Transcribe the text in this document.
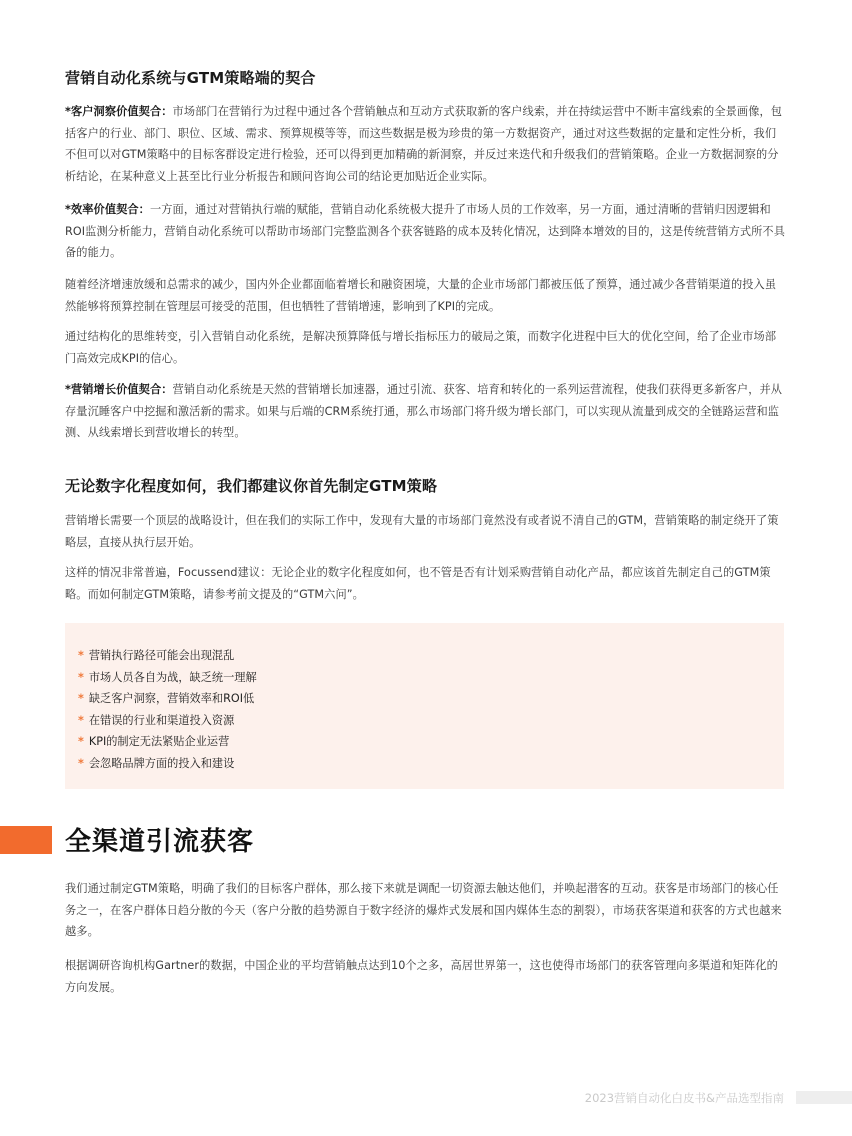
营销自动化系统与GTM策略端的契合

*客户洞察价值契合：市场部门在营销行为过程中通过各个营销触点和互动方式获取新的客户线索，并在持续运营中不断丰富线索的全景画像，包括客户的行业、部门、职位、区域、需求、预算规模等等，而这些数据是极为珍贵的第一方数据资产，通过对这些数据的定量和定性分析，我们不但可以对GTM策略中的目标客群设定进行检验，还可以得到更加精确的新洞察，并反过来迭代和升级我们的营销策略。企业一方数据洞察的分析结论，在某种意义上甚至比行业分析报告和顾问咨询公司的结论更加贴近企业实际。

*效率价值契合：一方面，通过对营销执行端的赋能，营销自动化系统极大提升了市场人员的工作效率，另一方面，通过清晰的营销归因逻辑和ROI监测分析能力，营销自动化系统可以帮助市场部门完整监测各个获客链路的成本及转化情况，达到降本增效的目的，这是传统营销方式所不具备的能力。

随着经济增速放缓和总需求的减少，国内外企业都面临着增长和融资困境，大量的企业市场部门都被压低了预算，通过减少各营销渠道的投入虽然能够将预算控制在管理层可接受的范围，但也牺牲了营销增速，影响到了KPI的完成。

通过结构化的思维转变，引入营销自动化系统，是解决预算降低与增长指标压力的破局之策，而数字化进程中巨大的优化空间，给了企业市场部门高效完成KPI的信心。

*营销增长价值契合：营销自动化系统是天然的营销增长加速器，通过引流、获客、培育和转化的一系列运营流程，使我们获得更多新客户，并从存量沉睡客户中挖掘和激活新的需求。如果与后端的CRM系统打通，那么市场部门将升级为增长部门，可以实现从流量到成交的全链路运营和监测、从线索增长到营收增长的转型。

无论数字化程度如何，我们都建议你首先制定GTM策略

营销增长需要一个顶层的战略设计，但在我们的实际工作中，发现有大量的市场部门竟然没有或者说不清自己的GTM，营销策略的制定绕开了策略层，直接从执行层开始。

这样的情况非常普遍，Focussend建议：无论企业的数字化程度如何，也不管是否有计划采购营销自动化产品，都应该首先制定自己的GTM策略。而如何制定GTM策略，请参考前文提及的“GTM六问”。

* 营销执行路径可能会出现混乱
* 市场人员各自为战，缺乏统一理解
* 缺乏客户洞察，营销效率和ROI低
* 在错误的行业和渠道投入资源
* KPI的制定无法紧贴企业运营
* 会忽略品牌方面的投入和建设
全渠道引流获客

我们通过制定GTM策略，明确了我们的目标客户群体，那么接下来就是调配一切资源去触达他们，并唤起潜客的互动。获客是市场部门的核心任务之一，在客户群体日趋分散的今天（客户分散的趋势源自于数字经济的爆炸式发展和国内媒体生态的割裂），市场获客渠道和获客的方式也越来越多。

根据调研咨询机构Gartner的数据，中国企业的平均营销触点达到10个之多，高居世界第一，这也使得市场部门的获客管理向多渠道和矩阵化的方向发展。

2023营销自动化白皮书&产品选型指南
